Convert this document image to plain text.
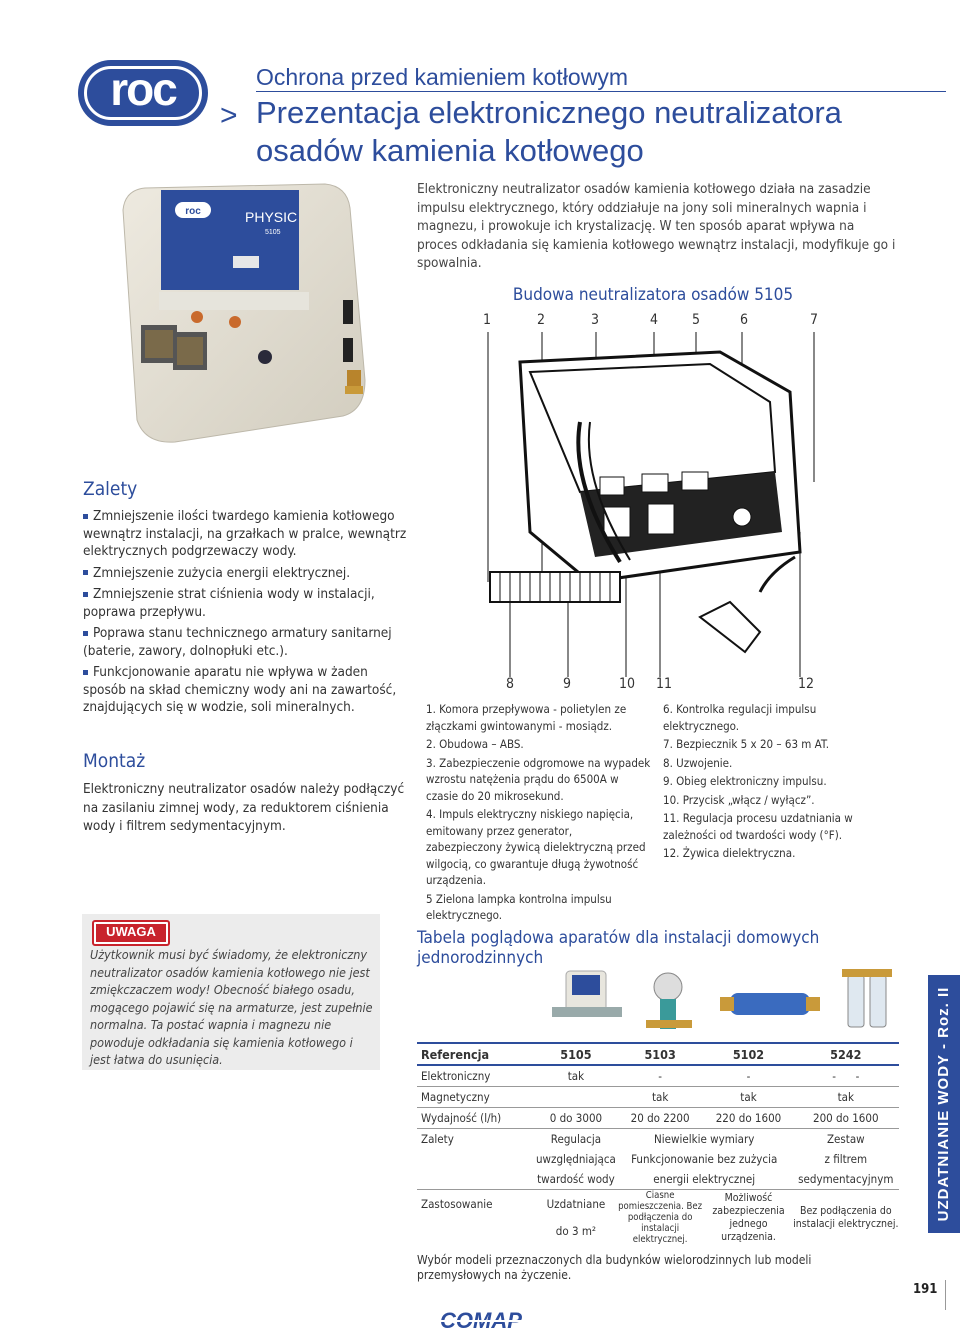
roc	Ochrona przed kamieniem kotłowym
> Prezentacja elektronicznego neutralizatora
osadów kamienia kotłowego
roc	PHYSIC
5105
Elektroniczny neutralizator osadów kamienia kotłowego działa na zasadzie impulsu elektrycznego, który oddziałuje na jony soli mineralnych wapnia i magnezu, i prowokuje ich krystalizację. W ten sposób aparat wpływa na proces odkładania się kamienia kotłowego wewnątrz instalacji, modyfikuje go i spowalnia.
Budowa neutralizatora osadów 5105
1	2	3	4 5	6	7
8	9	10 11	12

1. Komora przepływowa - polietylen ze złączkami gwintowanymi - mosiądz.

2. Obudowa – ABS.

3. Zabezpieczenie odgromowe na wypadek wzrostu natężenia prądu do 6500A w czasie do 20 mikrosekund.

4. Impuls elektryczny niskiego napięcia, emitowany przez generator, zabezpieczony żywicą dielektryczną przed wilgocią, co gwarantuje długą żywotność urządzenia.

5 Zielona lampka kontrolna impulsu elektrycznego.

6. Kontrolka regulacji impulsu elektrycznego.

7. Bezpiecznik 5 x 20 – 63 m AT.

8. Uzwojenie.

9. Obieg elektroniczny impulsu.

10. Przycisk „włącz / wyłącz”.

11. Regulacja procesu uzdatniania w zależności od twardości wody (°F).

12. Żywica dielektryczna.

Zalety

Zmniejszenie ilości twardego kamienia kotłowego wewnątrz instalacji, na grzałkach w pralce, wewnątrz elektrycznych podgrzewaczy wody.

Zmniejszenie zużycia energii elektrycznej.

Zmniejszenie strat ciśnienia wody w instalacji, poprawa przepływu.

Poprawa stanu technicznego armatury sanitarnej (baterie, zawory, dolnopłuki etc.).

Funkcjonowanie aparatu nie wpływa w żaden sposób na skład chemiczny wody ani na zawartość, znajdujących się w wodzie, soli mineralnych.

Montaż
Elektroniczny neutralizator osadów należy podłączyć na zasilaniu zimnej wody, za reduktorem ciśnienia wody i filtrem sedymentacyjnym.
UWAGA
Użytkownik musi być świadomy, że elektroniczny neutralizator osadów kamienia kotłowego nie jest zmiękczaczem wody! Obecność białego osadu, mogącego pojawić się na armaturze, jest zupełnie normalna. Ta postać wapnia i magnezu nie powoduje odkładania się kamienia kotłowego i jest łatwa do usunięcia.
Tabela poglądowa aparatów dla instalacji domowych jednorodzinnych
Referencja	5105	5103	5102	5242
Elektroniczny	tak	-	-	- -
Magnetyczny		tak	tak	tak
Wydajność (l/h)	0 do 3000	20 do 2200	220 do 1600	200 do 1600
Zalety	Regulacja	Niewielkie wymiary		Zestaw
	uwzględniająca	Funkcjonowanie bez zużycia		z filtrem
	twardość wody	energii elektrycznej		sedymentacyjnym
Zastosowanie	Uzdatniane	Ciasne pomieszczenia. Bez podłączenia do instalacji elektrycznej.	Możliwość zabezpieczenia jednego urządzenia.	Bez podłączenia do instalacji elektrycznej.
	do 3 m²			
Wybór modeli przeznaczonych dla budynków wielorodzinnych lub modeli przemysłowych na życzenie.
UZDATNIANIE WODY - Roz. II
191
COMAP
